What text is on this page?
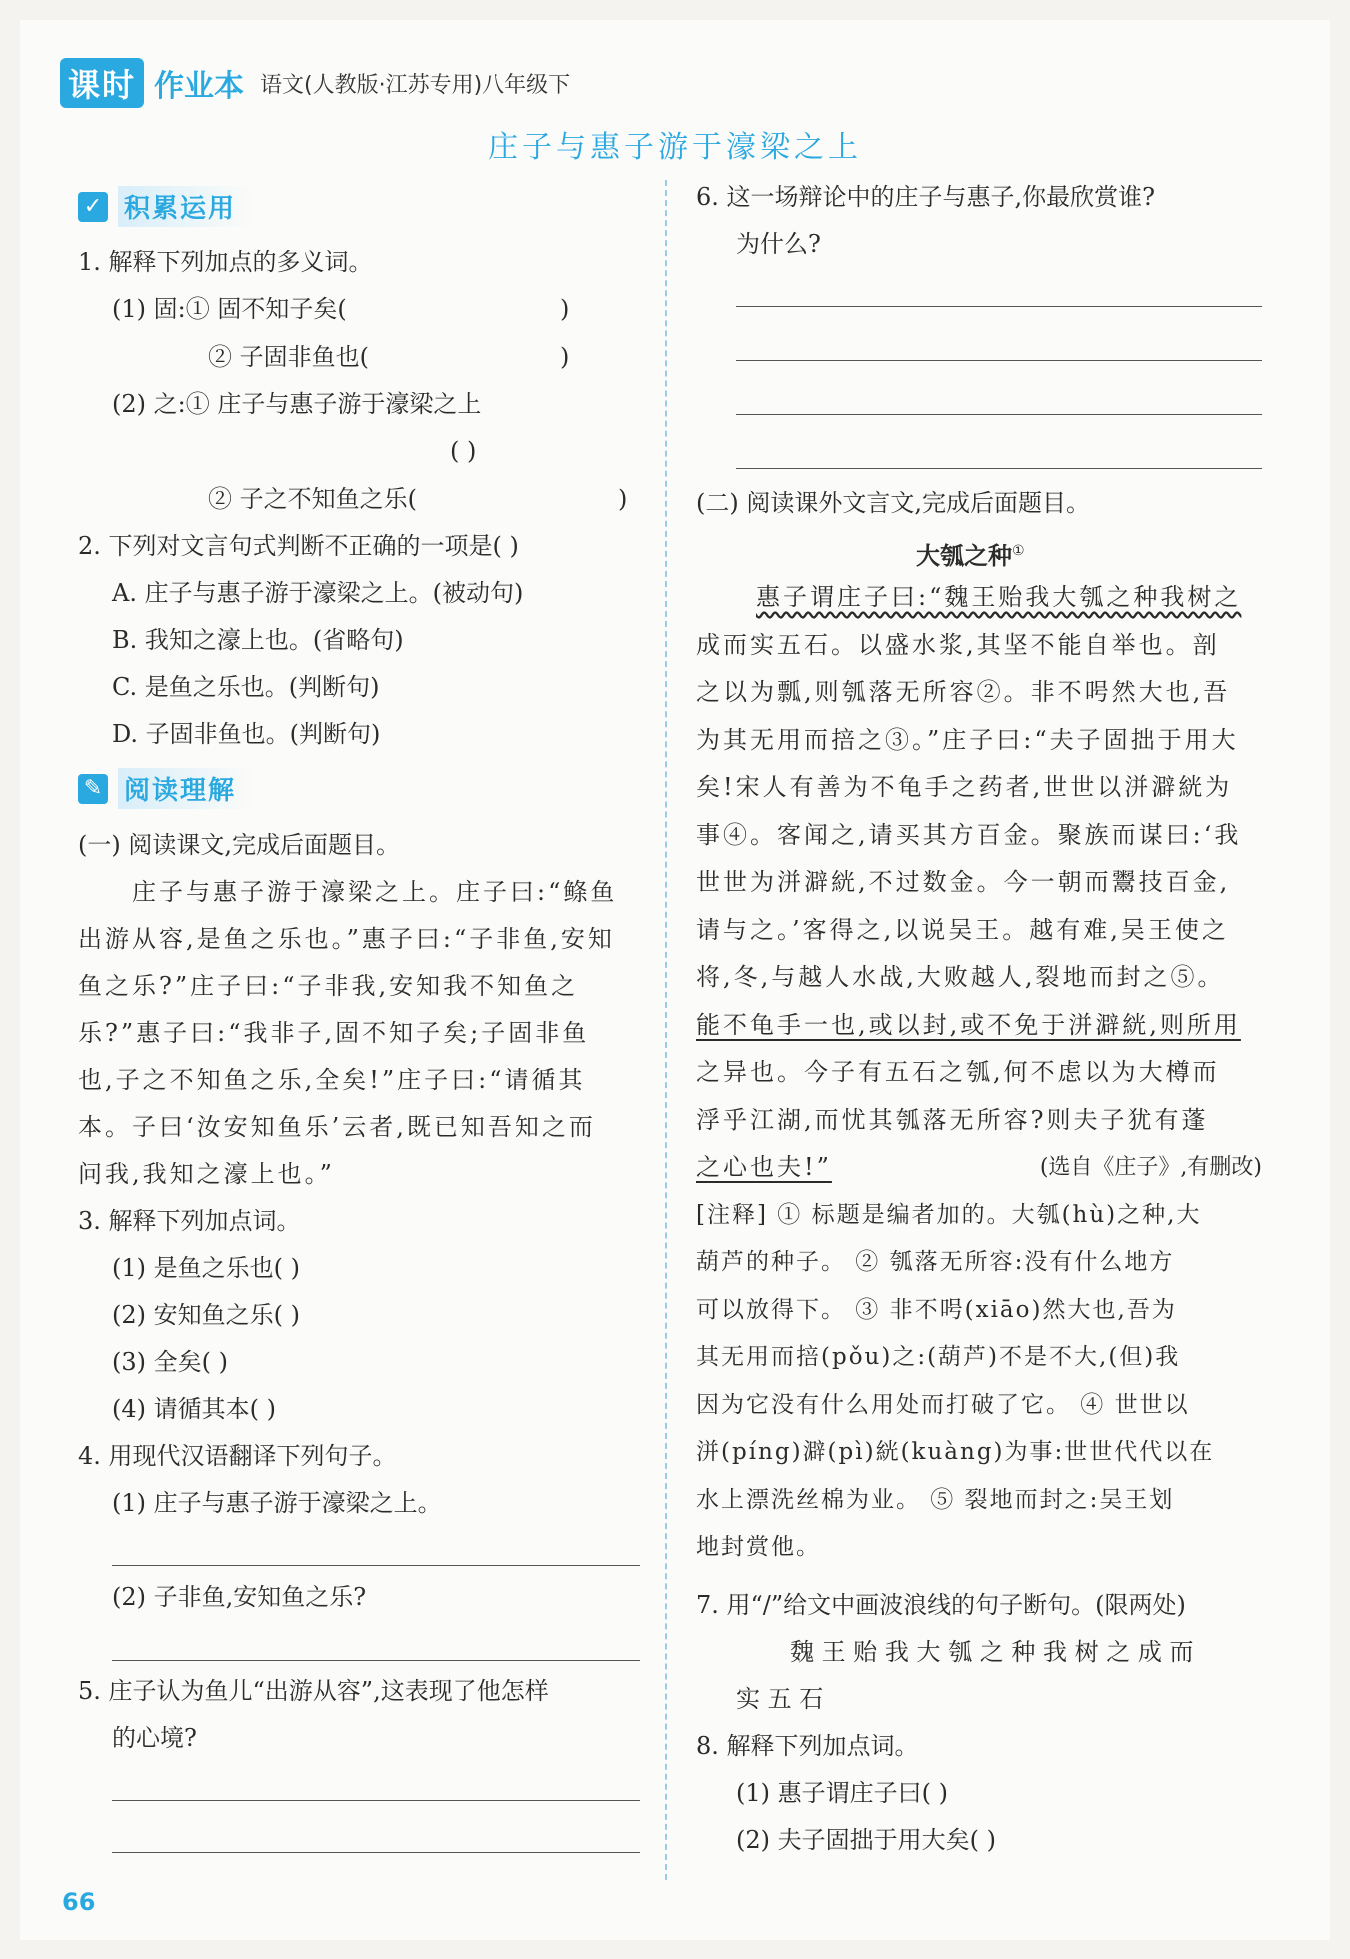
课时 作业本 语文(人教版·江苏专用)八年级下
庄子与惠子游于濠梁之上
✓ 积累运用
1. 解释下列加点的多义词。
(1) 固:① 固不知子矣(	)
② 子固非鱼也(	)
(2) 之:① 庄子与惠子游于濠梁之上
( )
② 子之不知鱼之乐(	)
2. 下列对文言句式判断不正确的一项是( )
A. 庄子与惠子游于濠梁之上。(被动句)
B. 我知之濠上也。(省略句)
C. 是鱼之乐也。(判断句)
D. 子固非鱼也。(判断句)
✎ 阅读理解
(一) 阅读课文,完成后面题目。
庄子与惠子游于濠梁之上。庄子曰:“鲦鱼
出游从容,是鱼之乐也。”惠子曰:“子非鱼,安知
鱼之乐?”庄子曰:“子非我,安知我不知鱼之
乐?”惠子曰:“我非子,固不知子矣;子固非鱼
也,子之不知鱼之乐,全矣!”庄子曰:“请循其
本。子曰‘汝安知鱼乐’云者,既已知吾知之而
问我,我知之濠上也。”
3. 解释下列加点词。
(1) 是鱼之乐也( )
(2) 安知鱼之乐( )
(3) 全矣( )
(4) 请循其本( )
4. 用现代汉语翻译下列句子。
(1) 庄子与惠子游于濠梁之上。
(2) 子非鱼,安知鱼之乐?
5. 庄子认为鱼儿“出游从容”,这表现了他怎样
的心境?
66
6. 这一场辩论中的庄子与惠子,你最欣赏谁?
为什么?
(二) 阅读课外文言文,完成后面题目。
大瓠之种①
惠子谓庄子曰:“魏王贻我大瓠之种我树之
成而实五石。以盛水浆,其坚不能自举也。剖
之以为瓢,则瓠落无所容②。非不呺然大也,吾
为其无用而掊之③。”庄子曰:“夫子固拙于用大
矣!宋人有善为不龟手之药者,世世以洴澼絖为
事④。客闻之,请买其方百金。聚族而谋曰:‘我
世世为洴澼絖,不过数金。今一朝而鬻技百金,
请与之。’客得之,以说吴王。越有难,吴王使之
将,冬,与越人水战,大败越人,裂地而封之⑤。
能不龟手一也,或以封,或不免于洴澼絖,则所用
之异也。今子有五石之瓠,何不虑以为大樽而
浮乎江湖,而忧其瓠落无所容?则夫子犹有蓬
之心也夫!”	(选自《庄子》,有删改)
[注释] ① 标题是编者加的。大瓠(hù)之种,大
葫芦的种子。 ② 瓠落无所容:没有什么地方
可以放得下。 ③ 非不呺(xiāo)然大也,吾为
其无用而掊(pǒu)之:(葫芦)不是不大,(但)我
因为它没有什么用处而打破了它。 ④ 世世以
洴(píng)澼(pì)絖(kuàng)为事:世世代代以在
水上漂洗丝棉为业。 ⑤ 裂地而封之:吴王划
地封赏他。
7. 用“/”给文中画波浪线的句子断句。(限两处)
魏 王 贻 我 大 瓠 之 种 我 树 之 成 而
实 五 石
8. 解释下列加点词。
(1) 惠子谓庄子曰( )
(2) 夫子固拙于用大矣( )
